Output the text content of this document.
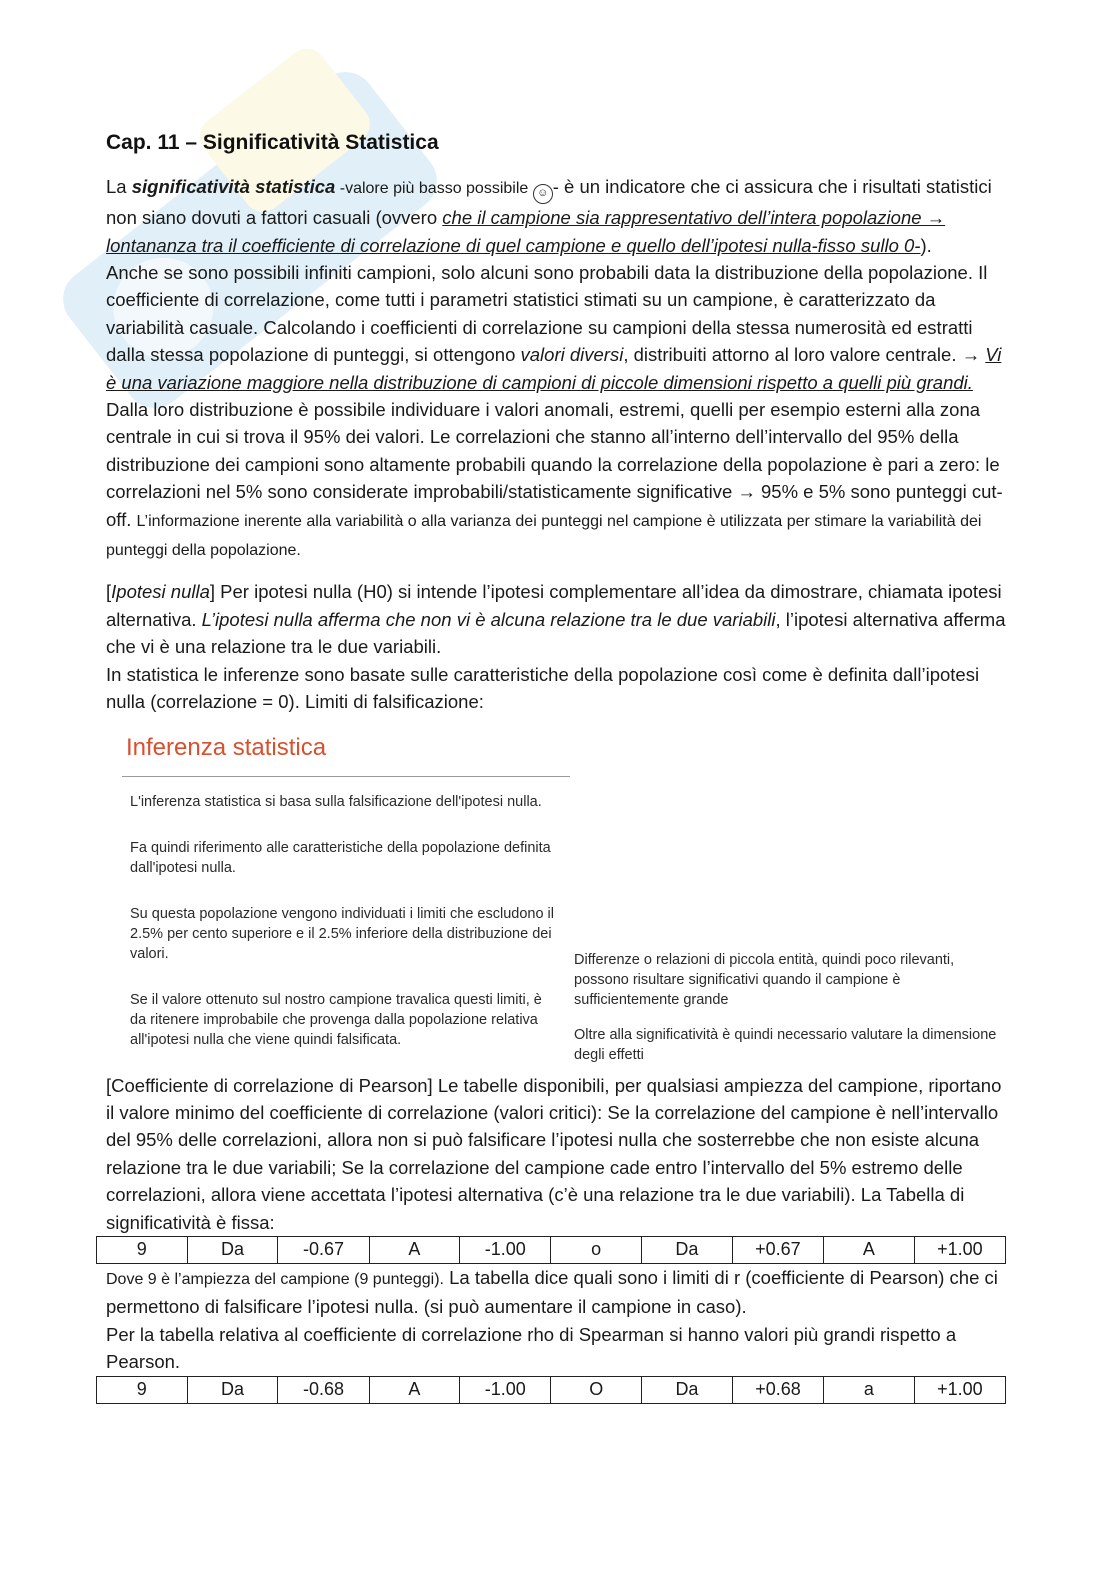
Cap. 11 – Significatività Statistica

La significatività statistica -valore più basso possibile ☺ - è un indicatore che ci assicura che i risultati statistici non siano dovuti a fattori casuali (ovvero che il campione sia rappresentativo dell’intera popolazione → lontananza tra il coefficiente di correlazione di quel campione e quello dell’ipotesi nulla-fisso sullo 0-).

Anche se sono possibili infiniti campioni, solo alcuni sono probabili data la distribuzione della popolazione. Il coefficiente di correlazione, come tutti i parametri statistici stimati su un campione, è caratterizzato da variabilità casuale. Calcolando i coefficienti di correlazione su campioni della stessa numerosità ed estratti dalla stessa popolazione di punteggi, si ottengono valori diversi, distribuiti attorno al loro valore centrale. → Vi è una variazione maggiore nella distribuzione di campioni di piccole dimensioni rispetto a quelli più grandi. Dalla loro distribuzione è possibile individuare i valori anomali, estremi, quelli per esempio esterni alla zona centrale in cui si trova il 95% dei valori. Le correlazioni che stanno all’interno dell’intervallo del 95% della distribuzione dei campioni sono altamente probabili quando la correlazione della popolazione è pari a zero: le correlazioni nel 5% sono considerate improbabili/statisticamente significative → 95% e 5% sono punteggi cut-off. L’informazione inerente alla variabilità o alla varianza dei punteggi nel campione è utilizzata per stimare la variabilità dei punteggi della popolazione.

[Ipotesi nulla] Per ipotesi nulla (H0) si intende l’ipotesi complementare all’idea da dimostrare, chiamata ipotesi alternativa. L’ipotesi nulla afferma che non vi è alcuna relazione tra le due variabili, l’ipotesi alternativa afferma che vi è una relazione tra le due variabili.

In statistica le inferenze sono basate sulle caratteristiche della popolazione così come è definita dall’ipotesi nulla (correlazione = 0). Limiti di falsificazione:

Inferenza statistica

L'inferenza statistica si basa sulla falsificazione dell'ipotesi nulla.

Fa quindi riferimento alle caratteristiche della popolazione definita dall'ipotesi nulla.

Su questa popolazione vengono individuati i limiti che escludono il 2.5% per cento superiore e il 2.5% inferiore della distribuzione dei valori.

Se il valore ottenuto sul nostro campione travalica questi limiti, è da ritenere improbabile che provenga dalla popolazione relativa all'ipotesi nulla che viene quindi falsificata.

Differenze o relazioni di piccola entità, quindi poco rilevanti, possono risultare significativi quando il campione è sufficientemente grande

Oltre alla significatività è quindi necessario valutare la dimensione degli effetti

[Coefficiente di correlazione di Pearson] Le tabelle disponibili, per qualsiasi ampiezza del campione, riportano il valore minimo del coefficiente di correlazione (valori critici): Se la correlazione del campione è nell’intervallo del 95% delle correlazioni, allora non si può falsificare l’ipotesi nulla che sosterrebbe che non esiste alcuna relazione tra le due variabili; Se la correlazione del campione cade entro l’intervallo del 5% estremo delle correlazioni, allora viene accettata l’ipotesi alternativa (c’è una relazione tra le due variabili). La Tabella di significatività è fissa:

9	Da	-0.67	A	-1.00	o	Da	+0.67	A	+1.00

Dove 9 è l’ampiezza del campione (9 punteggi). La tabella dice quali sono i limiti di r (coefficiente di Pearson) che ci permettono di falsificare l’ipotesi nulla. (si può aumentare il campione in caso).

Per la tabella relativa al coefficiente di correlazione rho di Spearman si hanno valori più grandi rispetto a Pearson.

9	Da	-0.68	A	-1.00	O	Da	+0.68	a	+1.00
